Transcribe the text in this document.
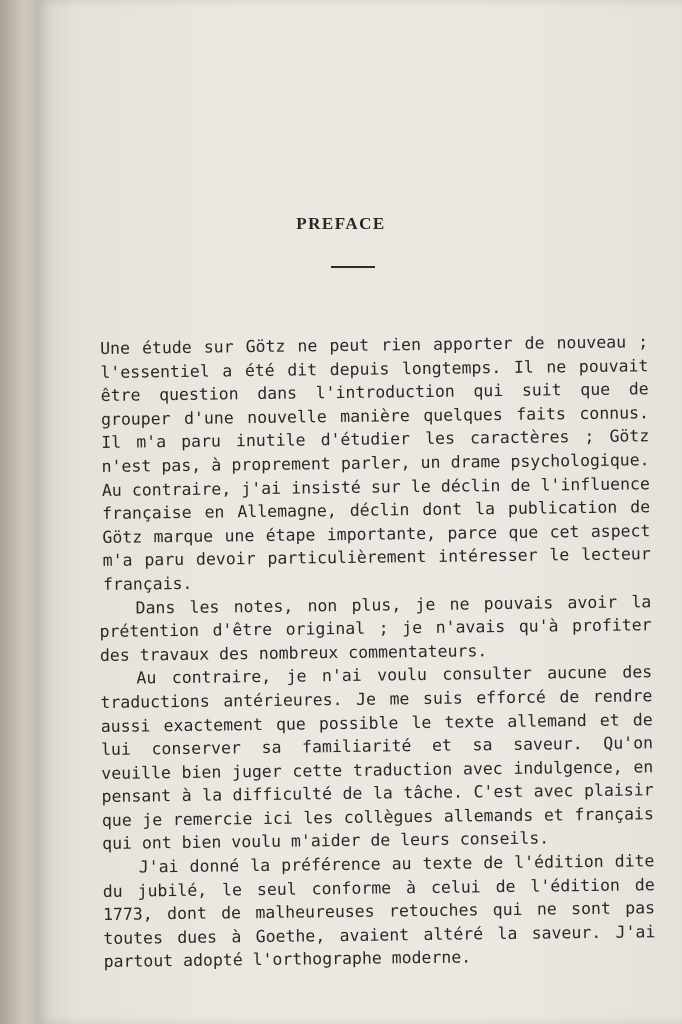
PREFACE

Une étude sur Götz ne peut rien apporter de nouveau ; l'essentiel a été dit depuis longtemps. Il ne pouvait être question dans l'introduction qui suit que de grouper d'une nouvelle manière quelques faits connus. Il m'a paru inutile d'étudier les caractères ; Götz n'est pas, à proprement parler, un drame psychologique. Au contraire, j'ai insisté sur le déclin de l'influence française en Allemagne, déclin dont la publication de Götz marque une étape importante, parce que cet aspect m'a paru devoir particulièrement intéresser le lecteur français.

Dans les notes, non plus, je ne pouvais avoir la prétention d'être original ; je n'avais qu'à profiter des travaux des nombreux commentateurs.

Au contraire, je n'ai voulu consulter aucune des traductions antérieures. Je me suis efforcé de rendre aussi exactement que possible le texte allemand et de lui conserver sa familiarité et sa saveur. Qu'on veuille bien juger cette traduction avec indulgence, en pensant à la difficulté de la tâche. C'est avec plaisir que je remercie ici les collègues allemands et français qui ont bien voulu m'aider de leurs conseils.

J'ai donné la préférence au texte de l'édition dite du jubilé, le seul conforme à celui de l'édition de 1773, dont de malheureuses retouches qui ne sont pas toutes dues à Goethe, avaient altéré la saveur. J'ai partout adopté l'orthographe moderne.
